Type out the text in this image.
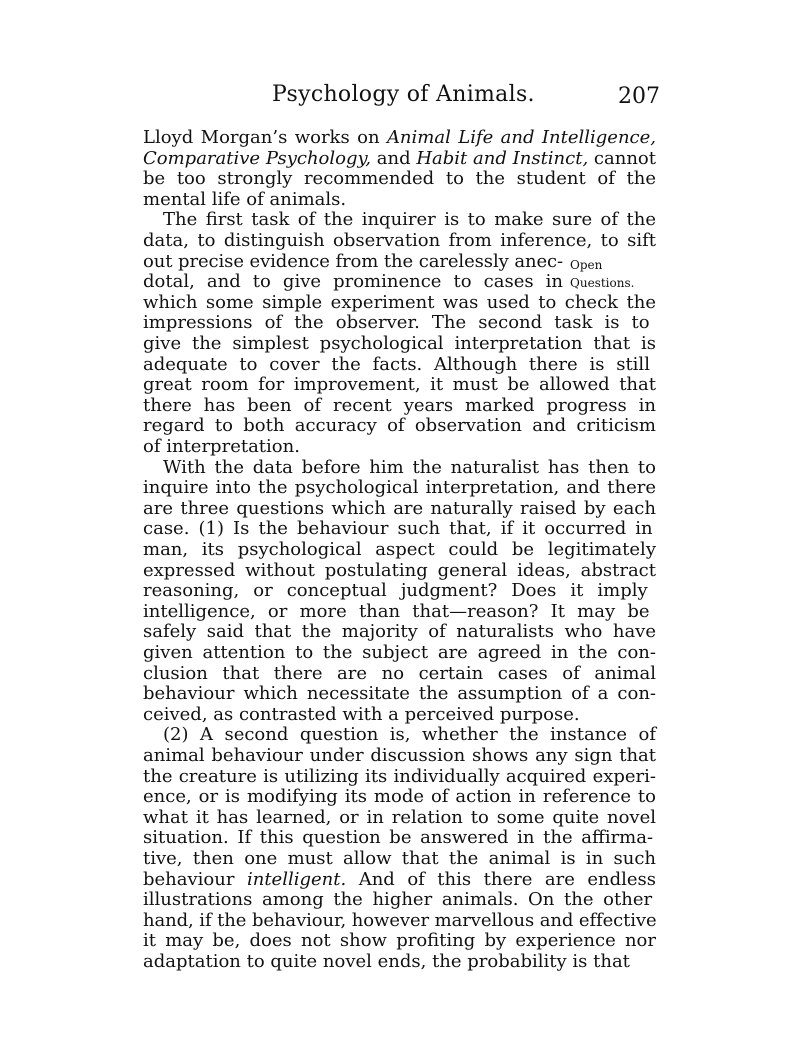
Psychology of Animals.	207
Lloyd Morgan’s works on Animal Life and Intelligence,
Comparative Psychology, and Habit and Instinct, cannot
be too strongly recommended to the student of the
mental life of animals.
The first task of the inquirer is to make sure of the
data, to distinguish observation from inference, to sift
out precise evidence from the carelessly anec-
dotal, and to give prominence to cases in
which some simple experiment was used to check the
impressions of the observer. The second task is to
give the simplest psychological interpretation that is
adequate to cover the facts. Although there is still
great room for improvement, it must be allowed that
there has been of recent years marked progress in
regard to both accuracy of observation and criticism
of interpretation.
With the data before him the naturalist has then to
inquire into the psychological interpretation, and there
are three questions which are naturally raised by each
case. (1) Is the behaviour such that, if it occurred in
man, its psychological aspect could be legitimately
expressed without postulating general ideas, abstract
reasoning, or conceptual judgment? Does it imply
intelligence, or more than that—reason? It may be
safely said that the majority of naturalists who have
given attention to the subject are agreed in the con-
clusion that there are no certain cases of animal
behaviour which necessitate the assumption of a con-
ceived, as contrasted with a perceived purpose.
(2) A second question is, whether the instance of
animal behaviour under discussion shows any sign that
the creature is utilizing its individually acquired experi-
ence, or is modifying its mode of action in reference to
what it has learned, or in relation to some quite novel
situation. If this question be answered in the affirma-
tive, then one must allow that the animal is in such
behaviour intelligent. And of this there are endless
illustrations among the higher animals. On the other
hand, if the behaviour, however marvellous and effective
it may be, does not show profiting by experience nor
adaptation to quite novel ends, the probability is that
Open
Questions.
